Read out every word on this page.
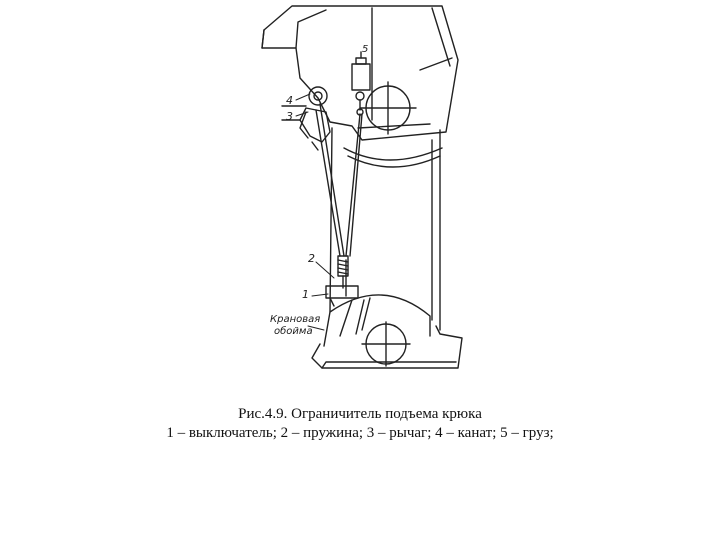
4
3
5
2
1
Крановая
обойма
Рис.4.9. Ограничитель подъема крюка
1 – выключатель; 2 – пружина; 3 – рычаг; 4 – канат; 5 – груз;
